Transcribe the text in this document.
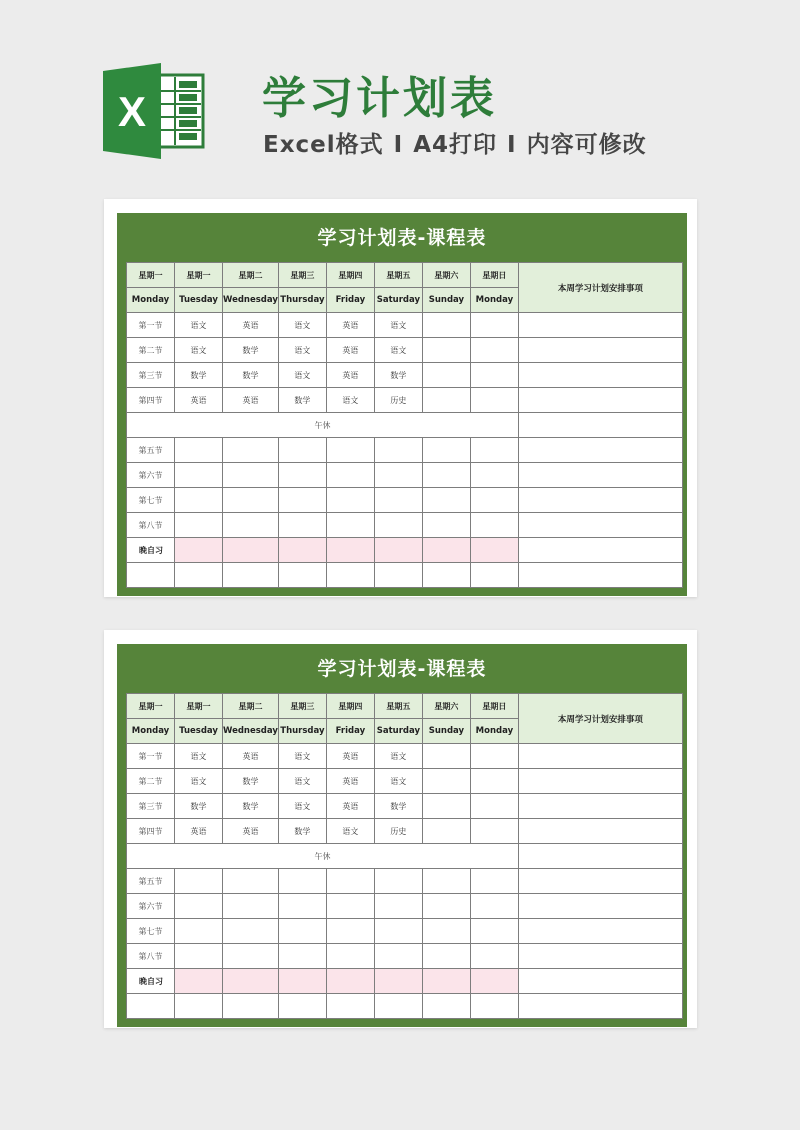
X	学习计划表
Excel格式 I A4打印 I 内容可修改
学习计划表-课程表
星期一	星期一	星期二	星期三	星期四	星期五	星期六	星期日	本周学习计划安排事项
Monday	Tuesday	Wednesday	Thursday	Friday	Saturday	Sunday	Monday	
第一节	语文	英语	语文	英语	语文			
第二节	语文	数学	语文	英语	语文			
第三节	数学	数学	语文	英语	数学			
第四节	英语	英语	数学	语文	历史			
午休								
第五节								
第六节								
第七节								
第八节								
晚自习								

学习计划表-课程表
星期一	星期一	星期二	星期三	星期四	星期五	星期六	星期日	本周学习计划安排事项
Monday	Tuesday	Wednesday	Thursday	Friday	Saturday	Sunday	Monday	
第一节	语文	英语	语文	英语	语文			
第二节	语文	数学	语文	英语	语文			
第三节	数学	数学	语文	英语	数学			
第四节	英语	英语	数学	语文	历史			
午休								
第五节								
第六节								
第七节								
第八节								
晚自习								
